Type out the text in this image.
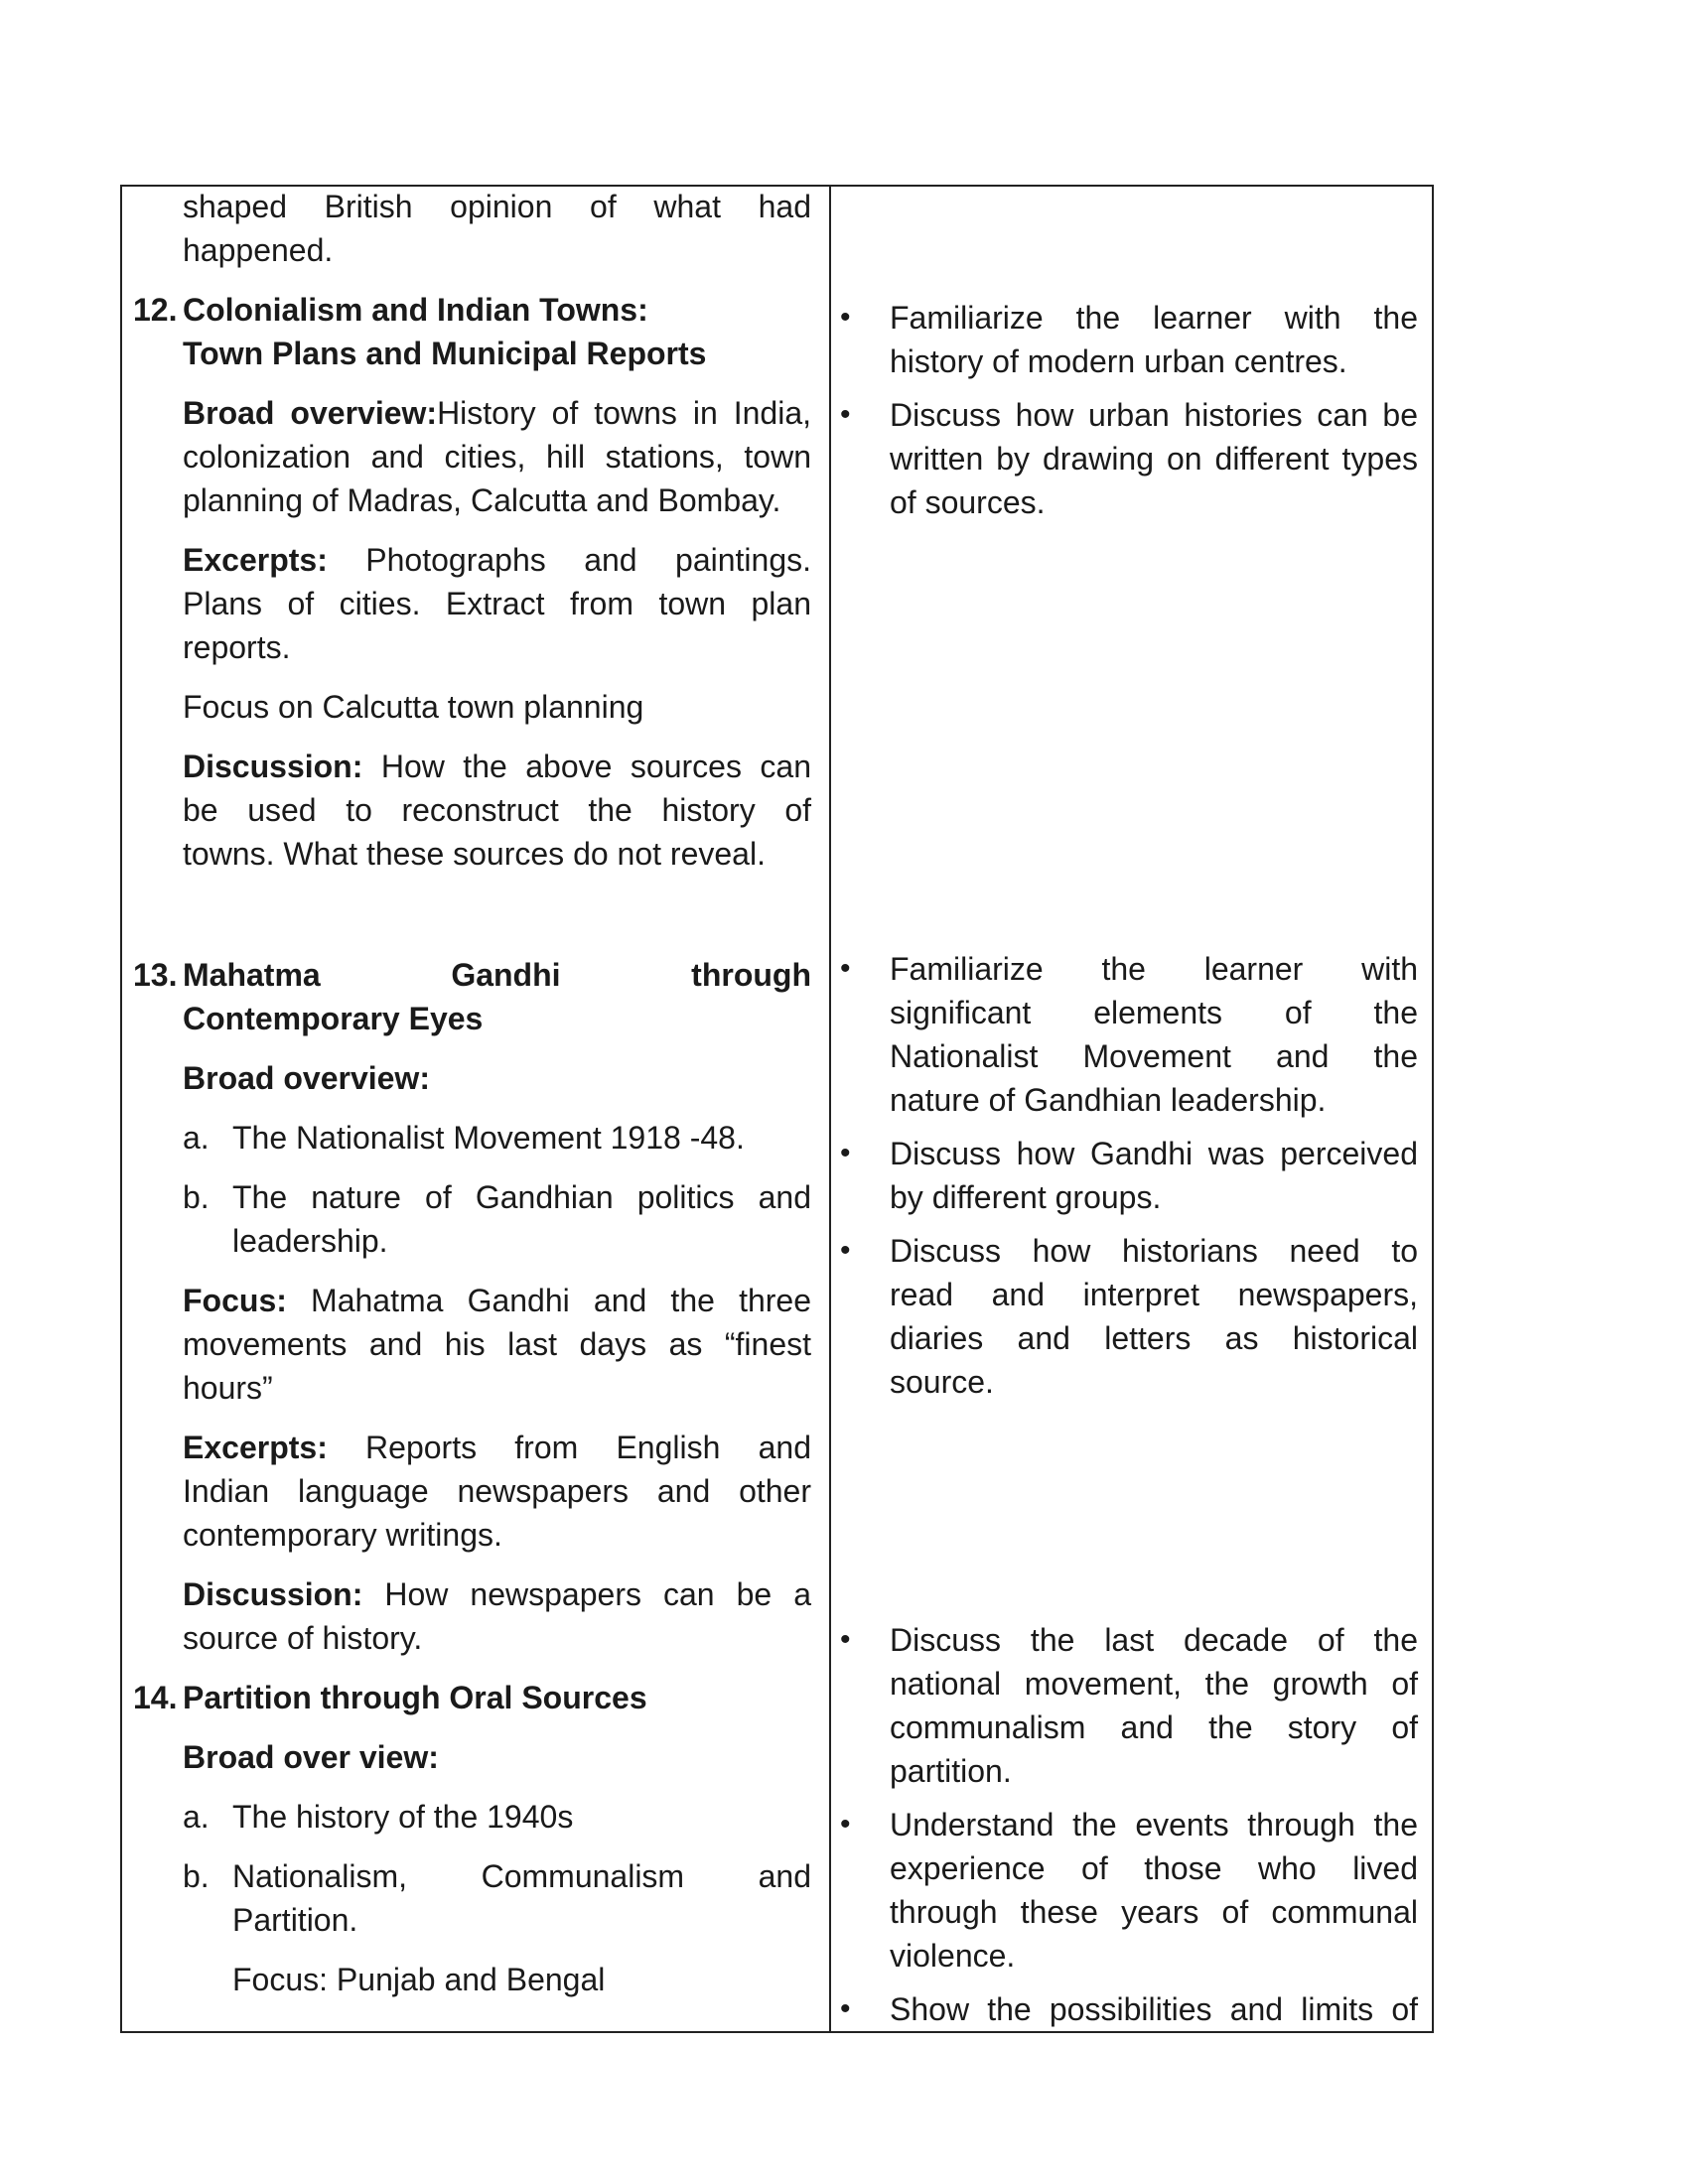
shaped British opinion of what had

happened.

12. Colonialism and Indian Towns:

Town Plans and Municipal Reports

Broad overview:History of towns in India,

colonization and cities, hill stations, town

planning of Madras, Calcutta and Bombay.

Excerpts: Photographs and paintings.

Plans of cities. Extract from town plan

reports.

Focus on Calcutta town planning

Discussion: How the above sources can

be used to reconstruct the history of

towns. What these sources do not reveal.

13. Mahatma Gandhi through

Contemporary Eyes

Broad overview:

a. The Nationalist Movement 1918 -48.

b. The nature of Gandhian politics and

leadership.

Focus: Mahatma Gandhi and the three

movements and his last days as “finest

hours”

Excerpts: Reports from English and

Indian language newspapers and other

contemporary writings.

Discussion: How newspapers can be a

source of history.

14. Partition through Oral Sources

Broad over view:

a. The history of the 1940s

b. Nationalism, Communalism and

Partition.

Focus: Punjab and Bengal

• Familiarize the learner with the

history of modern urban centres.

• Discuss how urban histories can be

written by drawing on different types

of sources.

• Familiarize the learner with

significant elements of the

Nationalist Movement and the

nature of Gandhian leadership.

• Discuss how Gandhi was perceived

by different groups.

• Discuss how historians need to

read and interpret newspapers,

diaries and letters as historical

source.

• Discuss the last decade of the

national movement, the growth of

communalism and the story of

partition.

• Understand the events through the

experience of those who lived

through these years of communal

violence.

• Show the possibilities and limits of
